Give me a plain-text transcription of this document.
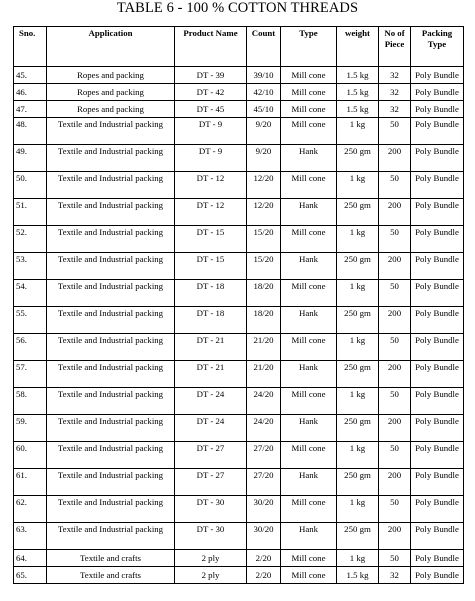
TABLE 6 - 100 % COTTON THREADS
Sno.	Application	Product Name	Count	Type	weight	No of Piece	Packing Type
45.	Ropes and packing	DT - 39	39/10	Mill cone	1.5 kg	32	Poly Bundle
46.	Ropes and packing	DT - 42	42/10	Mill cone	1.5 kg	32	Poly Bundle
47.	Ropes and packing	DT - 45	45/10	Mill cone	1.5 kg	32	Poly Bundle
48.	Textile and Industrial packing	DT - 9	9/20	Mill cone	1 kg	50	Poly Bundle
49.	Textile and Industrial packing	DT - 9	9/20	Hank	250 gm	200	Poly Bundle
50.	Textile and Industrial packing	DT - 12	12/20	Mill cone	1 kg	50	Poly Bundle
51.	Textile and Industrial packing	DT - 12	12/20	Hank	250 gm	200	Poly Bundle
52.	Textile and Industrial packing	DT - 15	15/20	Mill cone	1 kg	50	Poly Bundle
53.	Textile and Industrial packing	DT - 15	15/20	Hank	250 gm	200	Poly Bundle
54.	Textile and Industrial packing	DT - 18	18/20	Mill cone	1 kg	50	Poly Bundle
55.	Textile and Industrial packing	DT - 18	18/20	Hank	250 gm	200	Poly Bundle
56.	Textile and Industrial packing	DT - 21	21/20	Mill cone	1 kg	50	Poly Bundle
57.	Textile and Industrial packing	DT - 21	21/20	Hank	250 gm	200	Poly Bundle
58.	Textile and Industrial packing	DT - 24	24/20	Mill cone	1 kg	50	Poly Bundle
59.	Textile and Industrial packing	DT - 24	24/20	Hank	250 gm	200	Poly Bundle
60.	Textile and Industrial packing	DT - 27	27/20	Mill cone	1 kg	50	Poly Bundle
61.	Textile and Industrial packing	DT - 27	27/20	Hank	250 gm	200	Poly Bundle
62.	Textile and Industrial packing	DT - 30	30/20	Mill cone	1 kg	50	Poly Bundle
63.	Textile and Industrial packing	DT - 30	30/20	Hank	250 gm	200	Poly Bundle
64.	Textile and crafts	2 ply	2/20	Mill cone	1 kg	50	Poly Bundle
65.	Textile and crafts	2 ply	2/20	Mill cone	1.5 kg	32	Poly Bundle
